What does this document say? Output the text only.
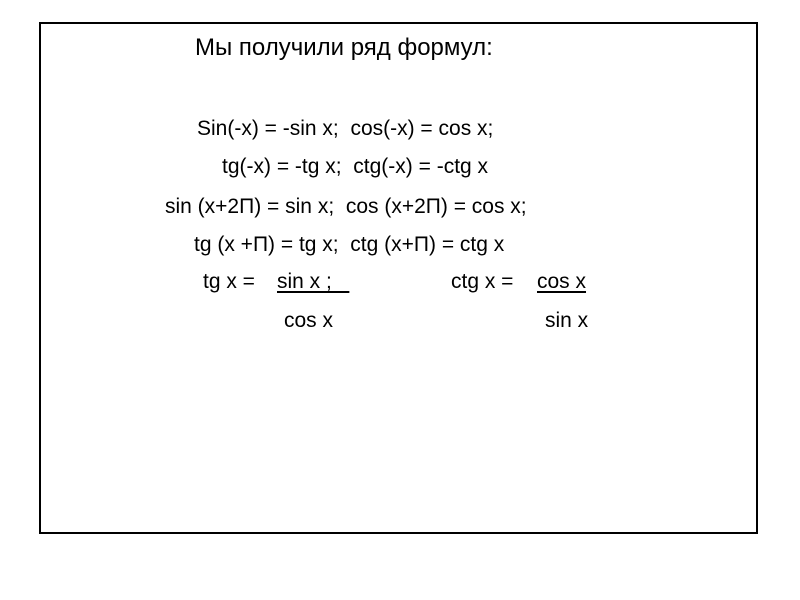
Мы получили ряд формул:
Sin(-x) = -sin x;  cos(-x) = cos x;
tg(-x) = -tg x;  ctg(-x) = -ctg x
sin (x+2П) = sin x;  cos (x+2П) = cos x;
tg (x +П) = tg x;  ctg (x+П) = ctg x
tg x = sin x ;	ctg x = cos x
cos x	sin x
